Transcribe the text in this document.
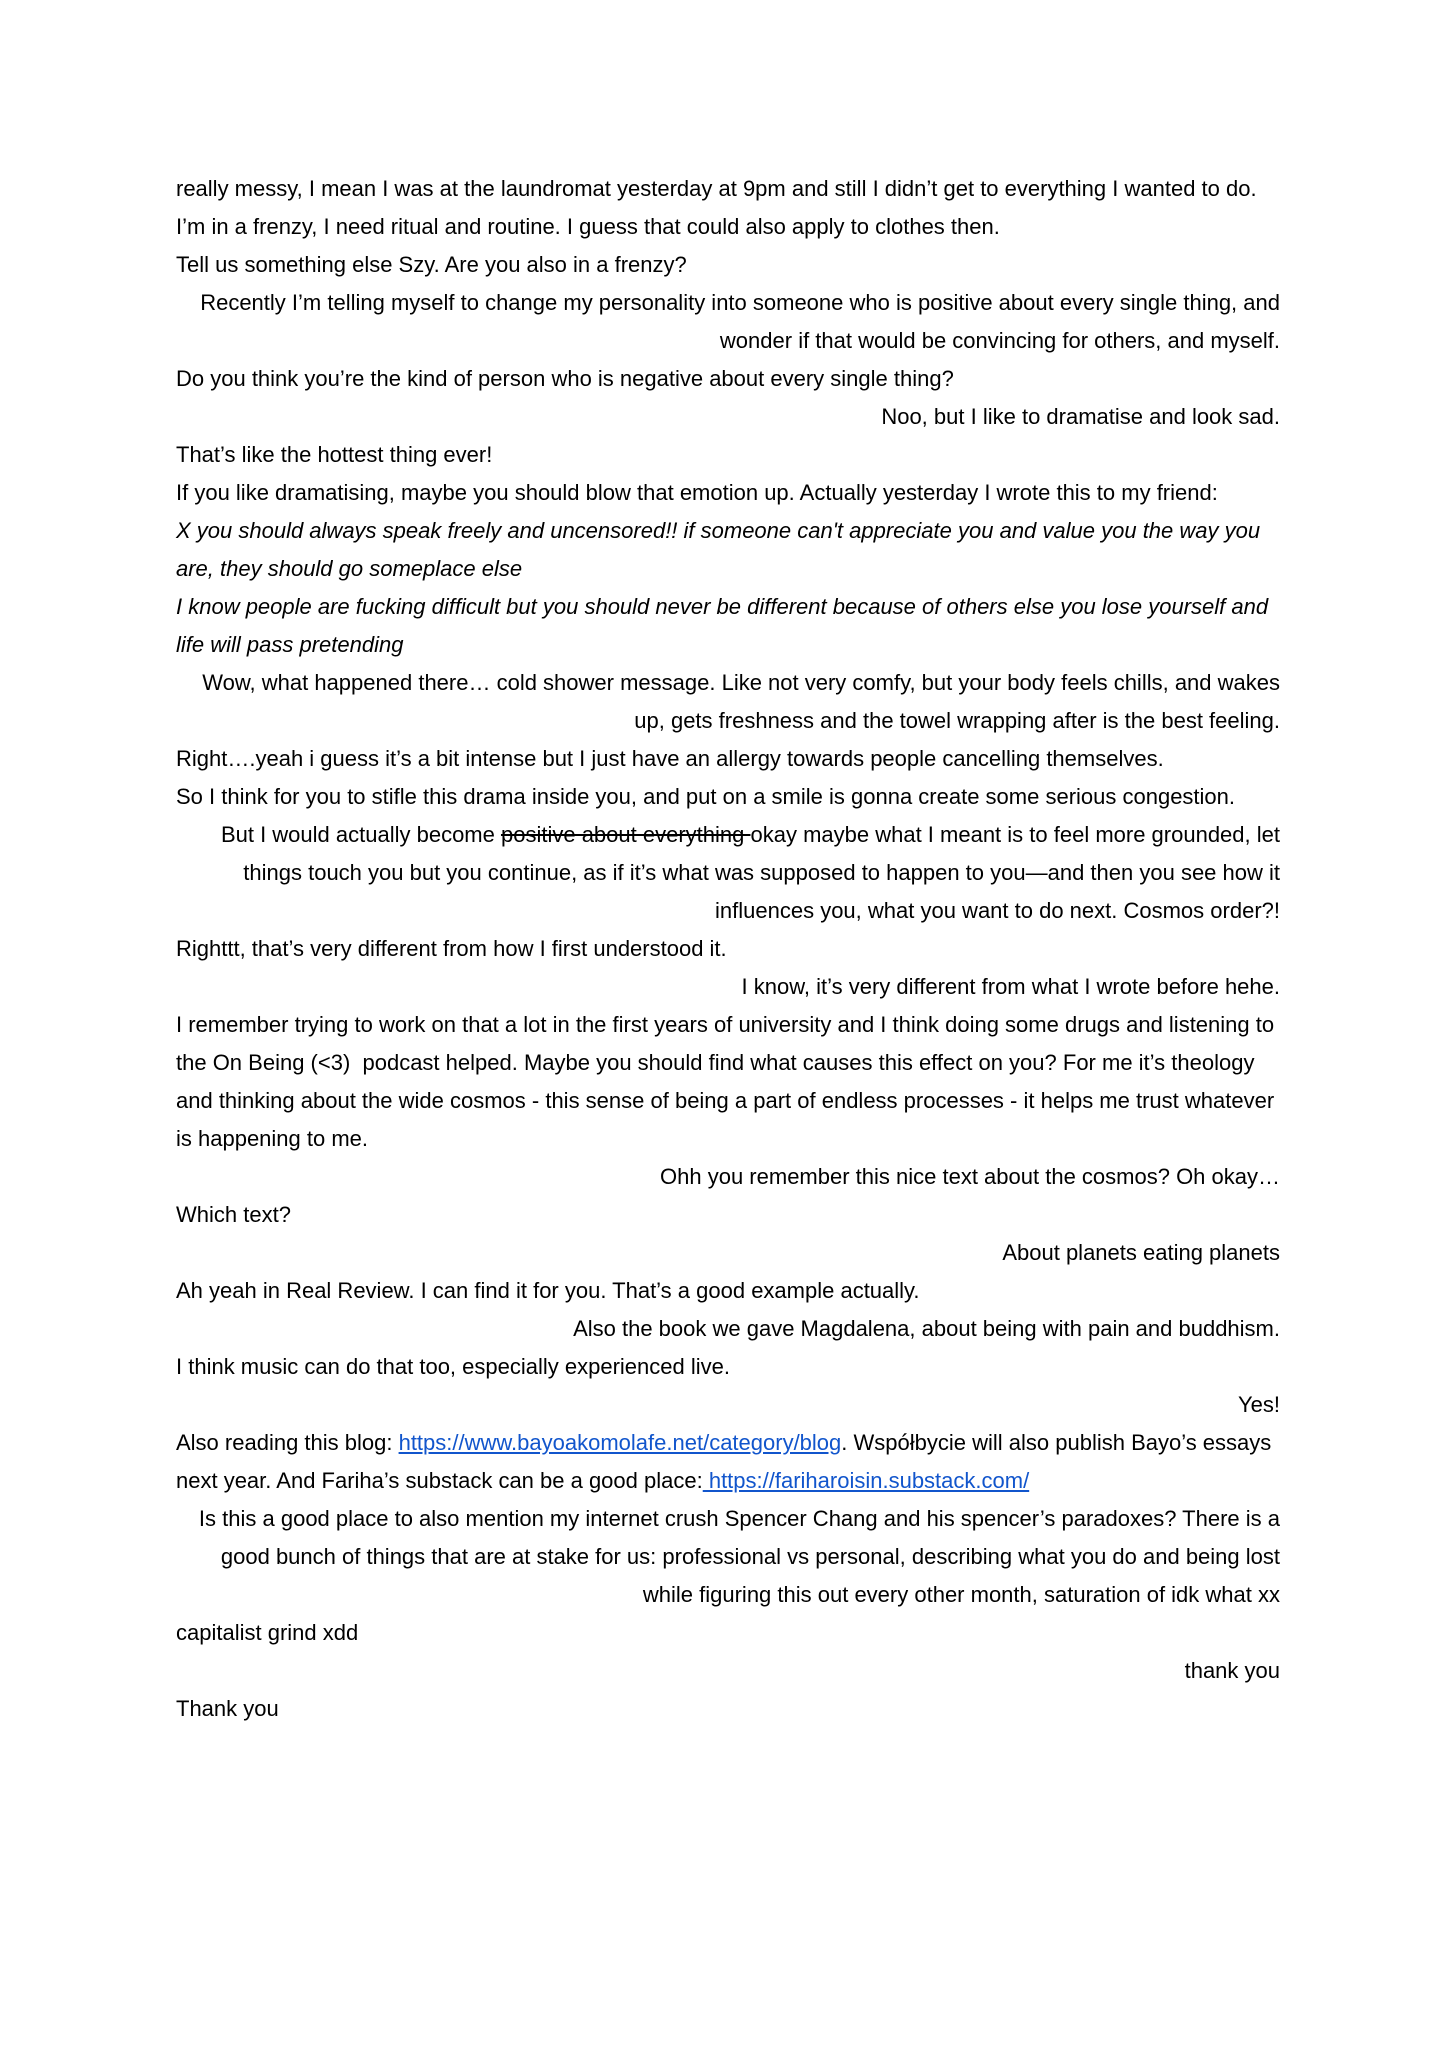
really messy, I mean I was at the laundromat yesterday at 9pm and still I didn’t get to everything I wanted to do.
I’m in a frenzy, I need ritual and routine. I guess that could also apply to clothes then.
Tell us something else Szy. Are you also in a frenzy?
Recently I’m telling myself to change my personality into someone who is positive about every single thing, and
wonder if that would be convincing for others, and myself.
Do you think you’re the kind of person who is negative about every single thing?
Noo, but I like to dramatise and look sad.
That’s like the hottest thing ever!
If you like dramatising, maybe you should blow that emotion up. Actually yesterday I wrote this to my friend:
X you should always speak freely and uncensored!! if someone can't appreciate you and value you the way you
are, they should go someplace else
I know people are fucking difficult but you should never be different because of others else you lose yourself and
life will pass pretending
Wow, what happened there… cold shower message. Like not very comfy, but your body feels chills, and wakes
up, gets freshness and the towel wrapping after is the best feeling.
Right….yeah i guess it’s a bit intense but I just have an allergy towards people cancelling themselves.
So I think for you to stifle this drama inside you, and put on a smile is gonna create some serious congestion.
But I would actually become positive about everything okay maybe what I meant is to feel more grounded, let
things touch you but you continue, as if it’s what was supposed to happen to you—and then you see how it
influences you, what you want to do next. Cosmos order?!
Righttt, that’s very different from how I first understood it.
I know, it’s very different from what I wrote before hehe.
I remember trying to work on that a lot in the first years of university and I think doing some drugs and listening to
the On Being (<3)  podcast helped. Maybe you should find what causes this effect on you? For me it’s theology
and thinking about the wide cosmos - this sense of being a part of endless processes - it helps me trust whatever
is happening to me.
Ohh you remember this nice text about the cosmos? Oh okay…
Which text?
About planets eating planets
Ah yeah in Real Review. I can find it for you. That’s a good example actually.
Also the book we gave Magdalena, about being with pain and buddhism.
I think music can do that too, especially experienced live.
Yes!
Also reading this blog: https://www.bayoakomolafe.net/category/blog. Współbycie will also publish Bayo’s essays
next year. And Fariha’s substack can be a good place: https://fariharoisin.substack.com/
Is this a good place to also mention my internet crush Spencer Chang and his spencer’s paradoxes? There is a
good bunch of things that are at stake for us: professional vs personal, describing what you do and being lost
while figuring this out every other month, saturation of idk what xx
capitalist grind xdd
thank you
Thank you
